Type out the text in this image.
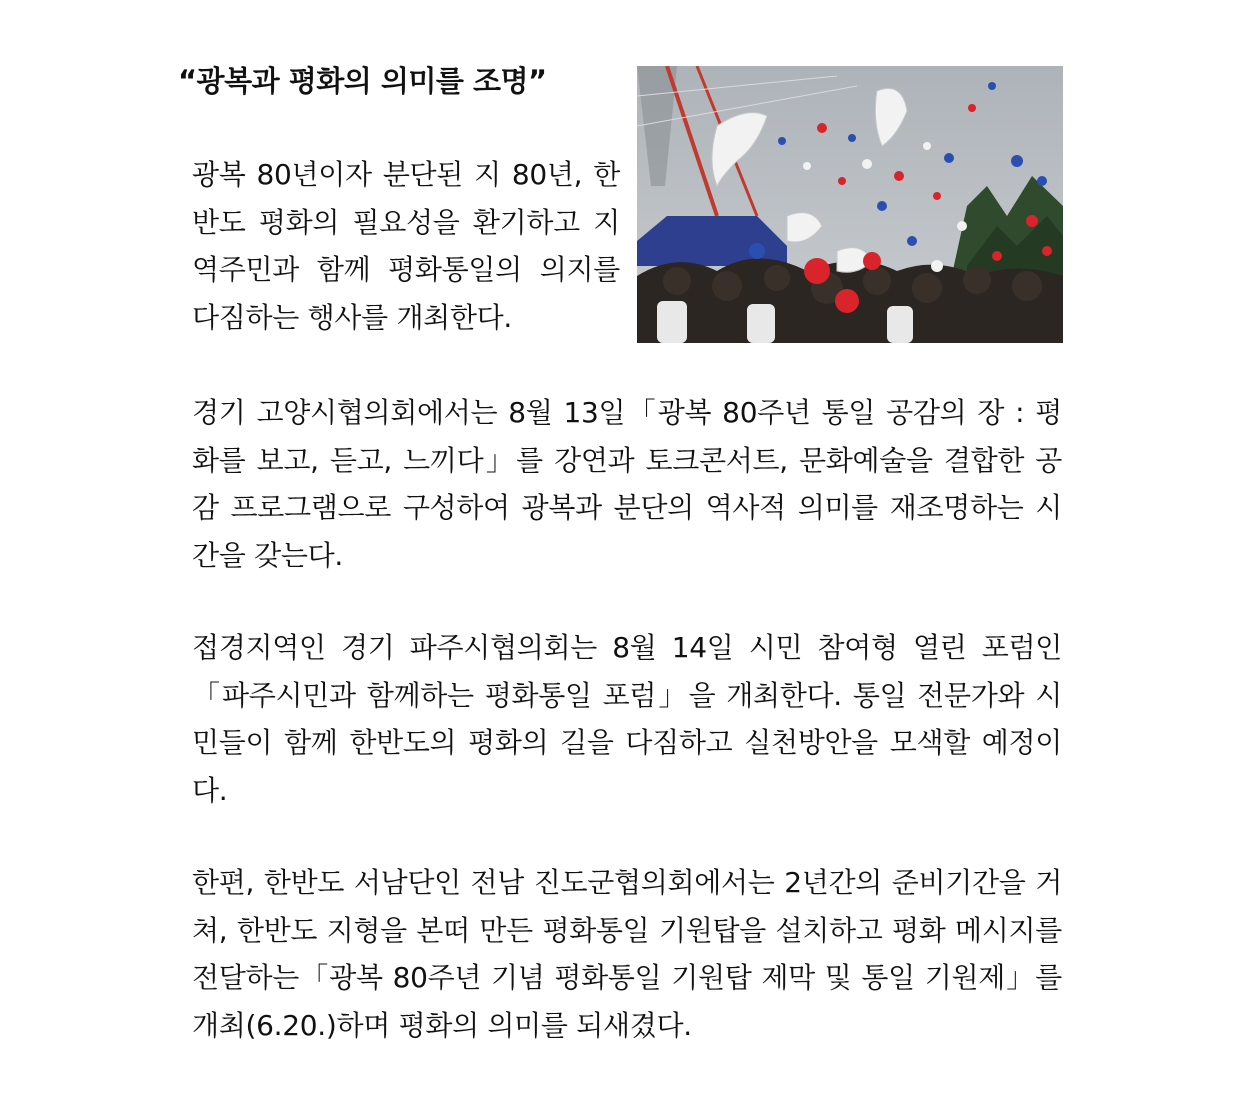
“광복과 평화의 의미를 조명”

광복 80년이자 분단된 지 80년, 한반도 평화의 필요성을 환기하고 지역주민과 함께 평화통일의 의지를 다짐하는 행사를 개최한다.

경기 고양시협의회에서는 8월 13일「광복 80주년 통일 공감의 장 : 평화를 보고, 듣고, 느끼다」를 강연과 토크콘서트, 문화예술을 결합한 공감 프로그램으로 구성하여 광복과 분단의 역사적 의미를 재조명하는 시간을 갖는다.

접경지역인 경기 파주시협의회는 8월 14일 시민 참여형 열린 포럼인「파주시민과 함께하는 평화통일 포럼」을 개최한다. 통일 전문가와 시민들이 함께 한반도의 평화의 길을 다짐하고 실천방안을 모색할 예정이다.

한편, 한반도 서남단인 전남 진도군협의회에서는 2년간의 준비기간을 거쳐, 한반도 지형을 본떠 만든 평화통일 기원탑을 설치하고 평화 메시지를 전달하는「광복 80주년 기념 평화통일 기원탑 제막 및 통일 기원제」를 개최(6.20.)하며 평화의 의미를 되새겼다.
